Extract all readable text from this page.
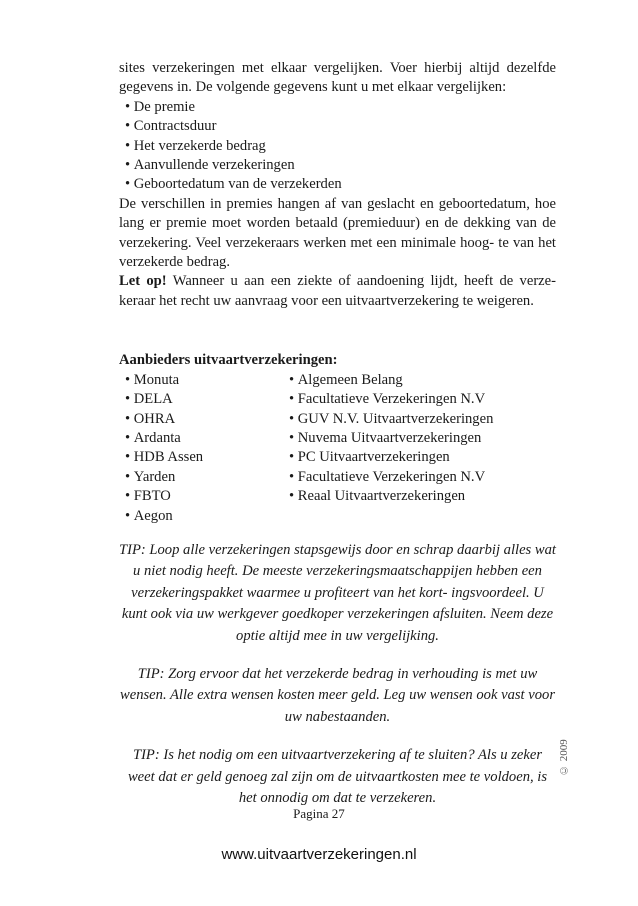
sites verzekeringen met elkaar vergelijken. Voer hierbij altijd dezelfde gegevens in. De volgende gegevens kunt u met elkaar vergelijken:
• De premie
• Contractsduur
• Het verzekerde bedrag
• Aanvullende verzekeringen
• Geboortedatum van de verzekerden
De verschillen in premies hangen af van geslacht en geboortedatum, hoe lang er premie moet worden betaald (premieduur) en de dekking van de verzekering. Veel verzekeraars werken met een minimale hoog- te van het verzekerde bedrag.
Let op! Wanneer u aan een ziekte of aandoening lijdt, heeft de verze- keraar het recht uw aanvraag voor een uitvaartverzekering te weigeren.
Aanbieders uitvaartverzekeringen:
• Monuta
• DELA
• OHRA
• Ardanta
• HDB Assen
• Yarden
• FBTO
• Aegon
• Algemeen Belang
• Facultatieve Verzekeringen N.V
• GUV N.V. Uitvaartverzekeringen
• Nuvema Uitvaartverzekeringen
• PC Uitvaartverzekeringen
• Facultatieve Verzekeringen N.V
• Reaal Uitvaartverzekeringen

TIP: Loop alle verzekeringen stapsgewijs door en schrap daarbij alles wat u niet nodig heeft. De meeste verzekeringsmaatschappijen hebben een verzekeringspakket waarmee u profiteert van het kort- ingsvoordeel. U kunt ook via uw werkgever goedkoper verzekeringen afsluiten. Neem deze optie altijd mee in uw vergelijking.

TIP: Zorg ervoor dat het verzekerde bedrag in verhouding is met uw wensen. Alle extra wensen kosten meer geld. Leg uw wensen ook vast voor uw nabestaanden.

TIP: Is het nodig om een uitvaartverzekering af te sluiten? Als u zeker weet dat er geld genoeg zal zijn om de uitvaartkosten mee te voldoen, is het onnodig om dat te verzekeren.

© 2009
Pagina 27
www.uitvaartverzekeringen.nl
